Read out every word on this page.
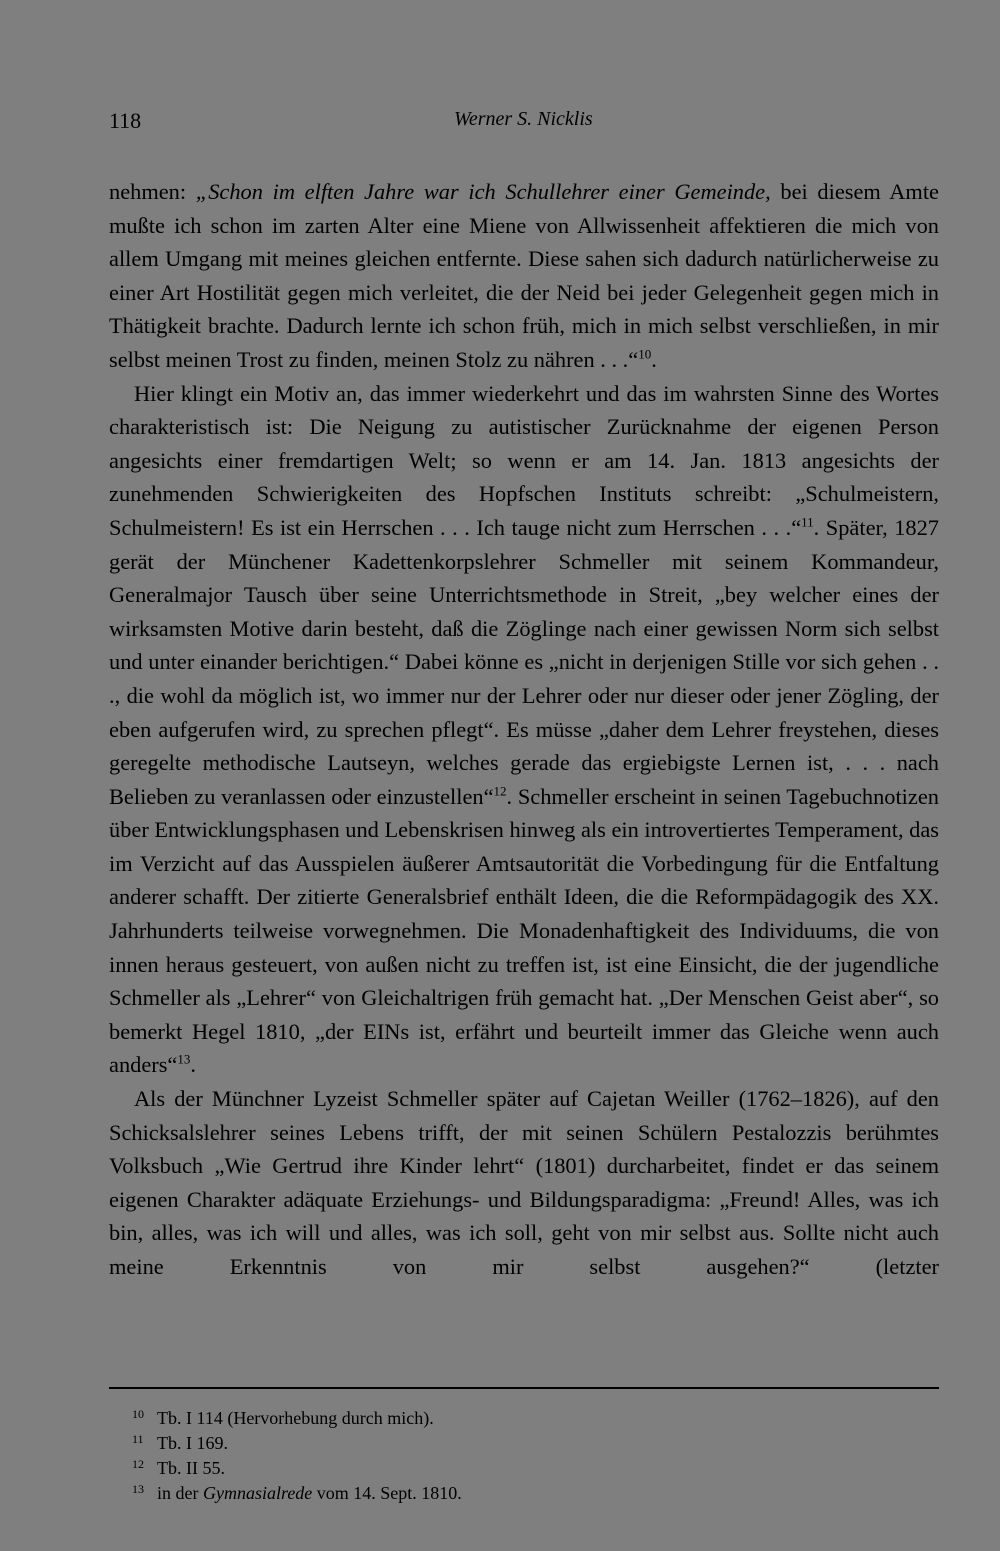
118	Werner S. Nicklis

nehmen: „Schon im elften Jahre war ich Schullehrer einer Gemeinde, bei diesem Amte mußte ich schon im zarten Alter eine Miene von Allwissenheit affektieren die mich von allem Umgang mit meines gleichen entfernte. Diese sahen sich dadurch natürlicherweise zu einer Art Hostilität gegen mich verleitet, die der Neid bei jeder Gelegenheit gegen mich in Thätigkeit brachte. Dadurch lernte ich schon früh, mich in mich selbst verschließen, in mir selbst meinen Trost zu finden, meinen Stolz zu nähren . . .“$^{10}$.

Hier klingt ein Motiv an, das immer wiederkehrt und das im wahrsten Sinne des Wortes charakteristisch ist: Die Neigung zu autistischer Zurücknahme der eigenen Person angesichts einer fremdartigen Welt; so wenn er am 14. Jan. 1813 angesichts der zunehmenden Schwierigkeiten des Hopfschen Instituts schreibt: „Schulmeistern, Schulmeistern! Es ist ein Herrschen . . . Ich tauge nicht zum Herrschen . . .“$^{11}$. Später, 1827 gerät der Münchener Kadettenkorpslehrer Schmeller mit seinem Kommandeur, Generalmajor Tausch über seine Unterrichtsmethode in Streit, „bey welcher eines der wirksamsten Motive darin besteht, daß die Zöglinge nach einer gewissen Norm sich selbst und unter einander berichtigen.“ Dabei könne es „nicht in derjenigen Stille vor sich gehen . . ., die wohl da möglich ist, wo immer nur der Lehrer oder nur dieser oder jener Zögling, der eben aufgerufen wird, zu sprechen pflegt“. Es müsse „daher dem Lehrer freystehen, dieses geregelte methodische Lautseyn, welches gerade das ergiebigste Lernen ist, . . . nach Belieben zu veranlassen oder einzustellen“$^{12}$. Schmeller erscheint in seinen Tagebuchnotizen über Entwicklungsphasen und Lebenskrisen hinweg als ein introvertiertes Temperament, das im Verzicht auf das Ausspielen äußerer Amtsautorität die Vorbedingung für die Entfaltung anderer schafft. Der zitierte Generalsbrief enthält Ideen, die die Reformpädagogik des XX. Jahrhunderts teilweise vorwegnehmen. Die Monadenhaftigkeit des Individuums, die von innen heraus gesteuert, von außen nicht zu treffen ist, ist eine Einsicht, die der jugendliche Schmeller als „Lehrer“ von Gleichaltrigen früh gemacht hat. „Der Menschen Geist aber“, so bemerkt Hegel 1810, „der EINs ist, erfährt und beurteilt immer das Gleiche wenn auch anders“$^{13}$.

Als der Münchner Lyzeist Schmeller später auf Cajetan Weiller (1762–1826), auf den Schicksalslehrer seines Lebens trifft, der mit seinen Schülern Pestalozzis berühmtes Volksbuch „Wie Gertrud ihre Kinder lehrt“ (1801) durcharbeitet, findet er das seinem eigenen Charakter adäquate Erziehungs- und Bildungsparadigma: „Freund! Alles, was ich bin, alles, was ich will und alles, was ich soll, geht von mir selbst aus. Sollte nicht auch meine Erkenntnis von mir selbst ausgehen?“ (letzter

10 Tb. I 114 (Hervorhebung durch mich).
11 Tb. I 169.
12 Tb. II 55.
13 in der Gymnasialrede vom 14. Sept. 1810.
